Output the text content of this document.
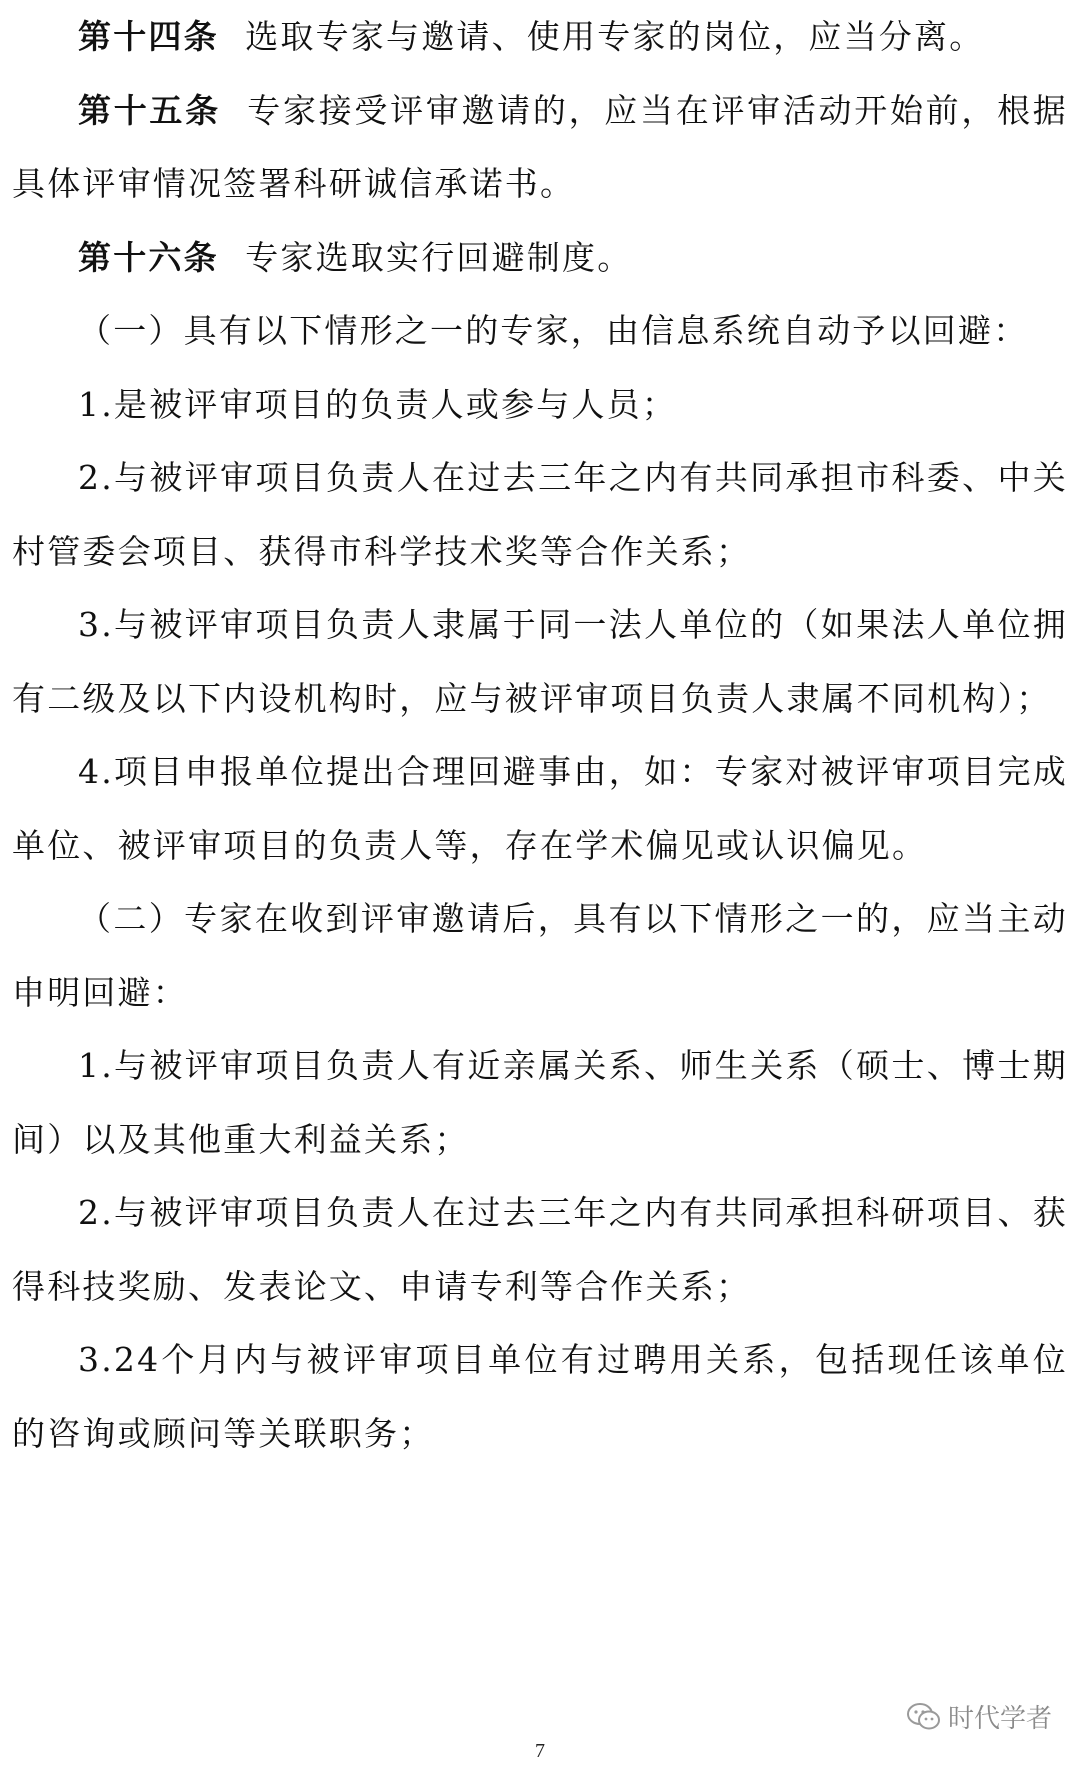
第十四条 选取专家与邀请、使用专家的岗位，应当分离。

第十五条 专家接受评审邀请的，应当在评审活动开始前，根据具体评审情况签署科研诚信承诺书。

第十六条 专家选取实行回避制度。

（一）具有以下情形之一的专家，由信息系统自动予以回避：

1.是被评审项目的负责人或参与人员；

2.与被评审项目负责人在过去三年之内有共同承担市科委、中关村管委会项目、获得市科学技术奖等合作关系；

3.与被评审项目负责人隶属于同一法人单位的（如果法人单位拥有二级及以下内设机构时，应与被评审项目负责人隶属不同机构）；

4.项目申报单位提出合理回避事由，如：专家对被评审项目完成单位、被评审项目的负责人等，存在学术偏见或认识偏见。

（二）专家在收到评审邀请后，具有以下情形之一的，应当主动申明回避：

1.与被评审项目负责人有近亲属关系、师生关系（硕士、博士期间）以及其他重大利益关系；

2.与被评审项目负责人在过去三年之内有共同承担科研项目、获得科技奖励、发表论文、申请专利等合作关系；

3.24个月内与被评审项目单位有过聘用关系，包括现任该单位的咨询或顾问等关联职务；

时代学者
7
